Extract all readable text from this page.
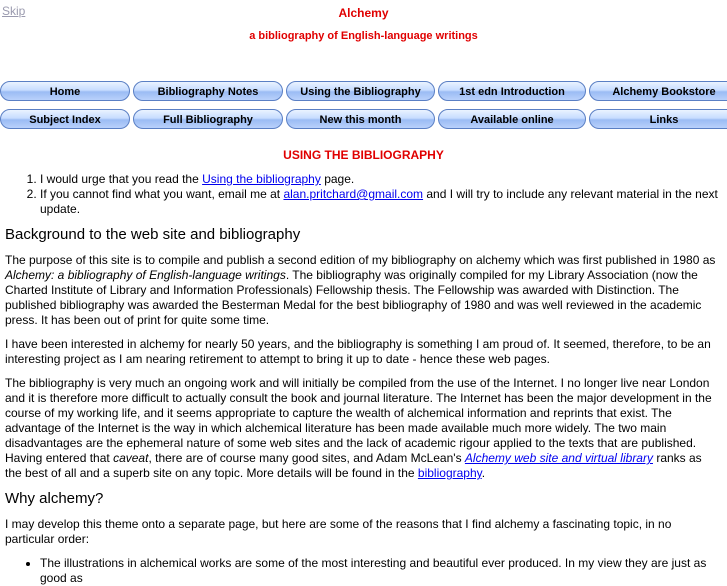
Skip	Alchemy
a bibliography of English-language writings
Home	Bibliography Notes	Using the Bibliography	1st edn Introduction	Alchemy Bookstore
Subject Index	Full Bibliography	New this month	Available online	Links
USING THE BIBLIOGRAPHY
1. I would urge that you read the Using the bibliography page.
2. If you cannot find what you want, email me at alan.pritchard@gmail.com and I will try to include any relevant material in the next update.
Background to the web site and bibliography

The purpose of this site is to compile and publish a second edition of my bibliography on alchemy which was first published in 1980 as Alchemy: a bibliography of English-language writings. The bibliography was originally compiled for my Library Association (now the Charted Institute of Library and Information Professionals) Fellowship thesis. The Fellowship was awarded with Distinction. The published bibliography was awarded the Besterman Medal for the best bibliography of 1980 and was well reviewed in the academic press. It has been out of print for quite some time.

I have been interested in alchemy for nearly 50 years, and the bibliography is something I am proud of. It seemed, therefore, to be an interesting project as I am nearing retirement to attempt to bring it up to date - hence these web pages.

The bibliography is very much an ongoing work and will initially be compiled from the use of the Internet. I no longer live near London and it is therefore more difficult to actually consult the book and journal literature. The Internet has been the major development in the course of my working life, and it seems appropriate to capture the wealth of alchemical information and reprints that exist. The advantage of the Internet is the way in which alchemical literature has been made available much more widely. The two main disadvantages are the ephemeral nature of some web sites and the lack of academic rigour applied to the texts that are published. Having entered that caveat, there are of course many good sites, and Adam McLean's Alchemy web site and virtual library ranks as the best of all and a superb site on any topic. More details will be found in the bibliography.

Why alchemy?

I may develop this theme onto a separate page, but here are some of the reasons that I find alchemy a fascinating topic, in no particular order:

• The illustrations in alchemical works are some of the most interesting and beautiful ever produced. In my view they are just as good as
